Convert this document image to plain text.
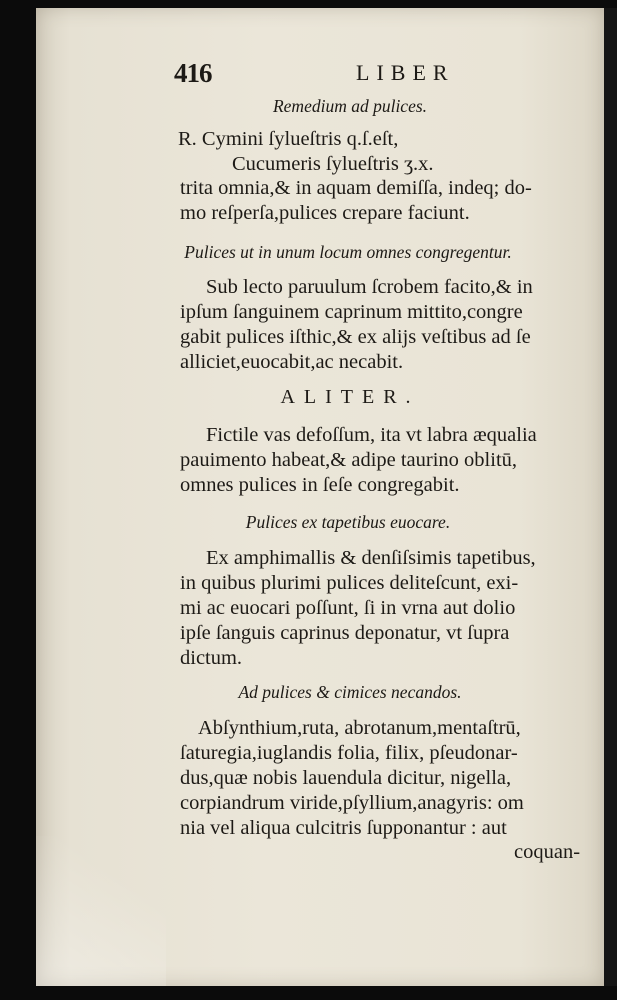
416	LIBER
Remedium ad pulices.
R. Cymini ſylueſtris q.ſ.eſt,
Cucumeris ſylueſtris ʒ.x.
trita omnia,& in aquam demiſſa, indeq; do-
mo reſperſa,pulices crepare faciunt.
Pulices ut in unum locum omnes congregentur.
Sub lecto paruulum ſcrobem facito,& in
ipſum ſanguinem caprinum mittito,congre
gabit pulices iſthic,& ex alijs veſtibus ad ſe
alliciet,euocabit,ac necabit.
ALITER.
Fictile vas defoſſum, ita vt labra æqualia
pauimento habeat,& adipe taurino oblitū,
omnes pulices in ſeſe congregabit.
Pulices ex tapetibus euocare.
Ex amphimallis & denſiſsimis tapetibus,
in quibus plurimi pulices deliteſcunt, exi-
mi ac euocari poſſunt, ſi in vrna aut dolio
ipſe ſanguis caprinus deponatur, vt ſupra
dictum.
Ad pulices & cimices necandos.
Abſynthium,ruta, abrotanum,mentaſtrū,
ſaturegia,iuglandis folia, filix, pſeudonar-
dus,quæ nobis lauendula dicitur, nigella,
corpiandrum viride,pſyllium,anagyris: om
nia vel aliqua culcitris ſupponantur : aut
coquan-
